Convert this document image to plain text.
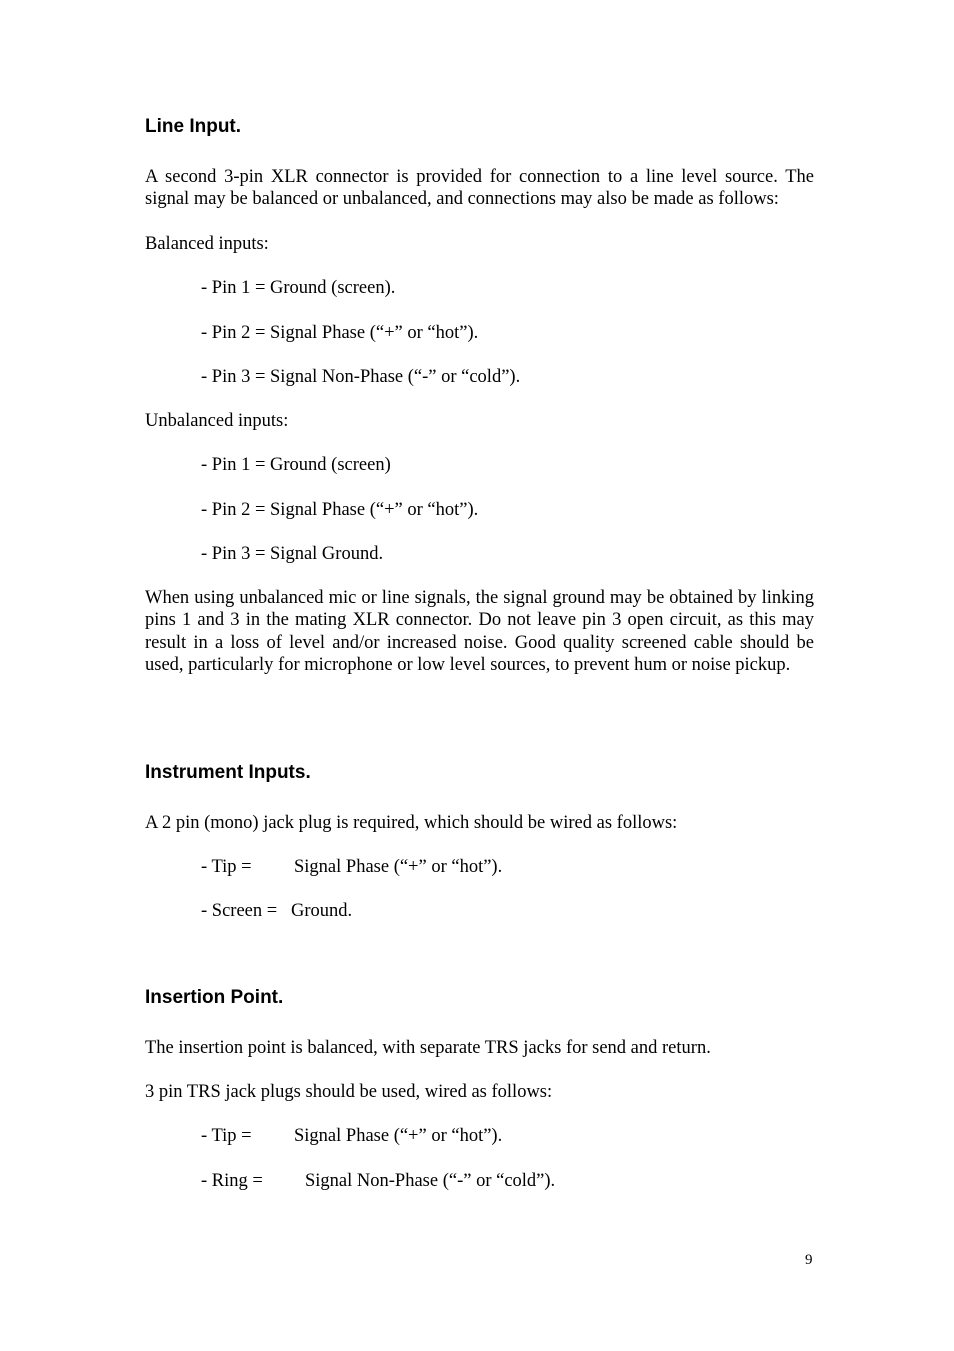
Line Input.
A second 3-pin XLR connector is provided for connection to a line level source. The signal may be balanced or unbalanced, and connections may also be made as follows:
Balanced inputs:
- Pin 1 = Ground (screen).
- Pin 2 = Signal Phase (“+” or “hot”).
- Pin 3 = Signal Non-Phase (“-” or “cold”).
Unbalanced inputs:
- Pin 1 = Ground (screen)
- Pin 2 = Signal Phase (“+” or “hot”).
- Pin 3 = Signal Ground.
When using unbalanced mic or line signals, the signal ground may be obtained by linking pins 1 and 3 in the mating XLR connector. Do not leave pin 3 open circuit, as this may result in a loss of level and/or increased noise. Good quality screened cable should be used, particularly for microphone or low level sources, to prevent hum or noise pickup.
Instrument Inputs.
A 2 pin (mono) jack plug is required, which should be wired as follows:
- Tip = Signal Phase (“+” or “hot”).
- Screen = Ground.
Insertion Point.
The insertion point is balanced, with separate TRS jacks for send and return.
3 pin TRS jack plugs should be used, wired as follows:
- Tip = Signal Phase (“+” or “hot”).
- Ring = Signal Non-Phase (“-” or “cold”).
9
